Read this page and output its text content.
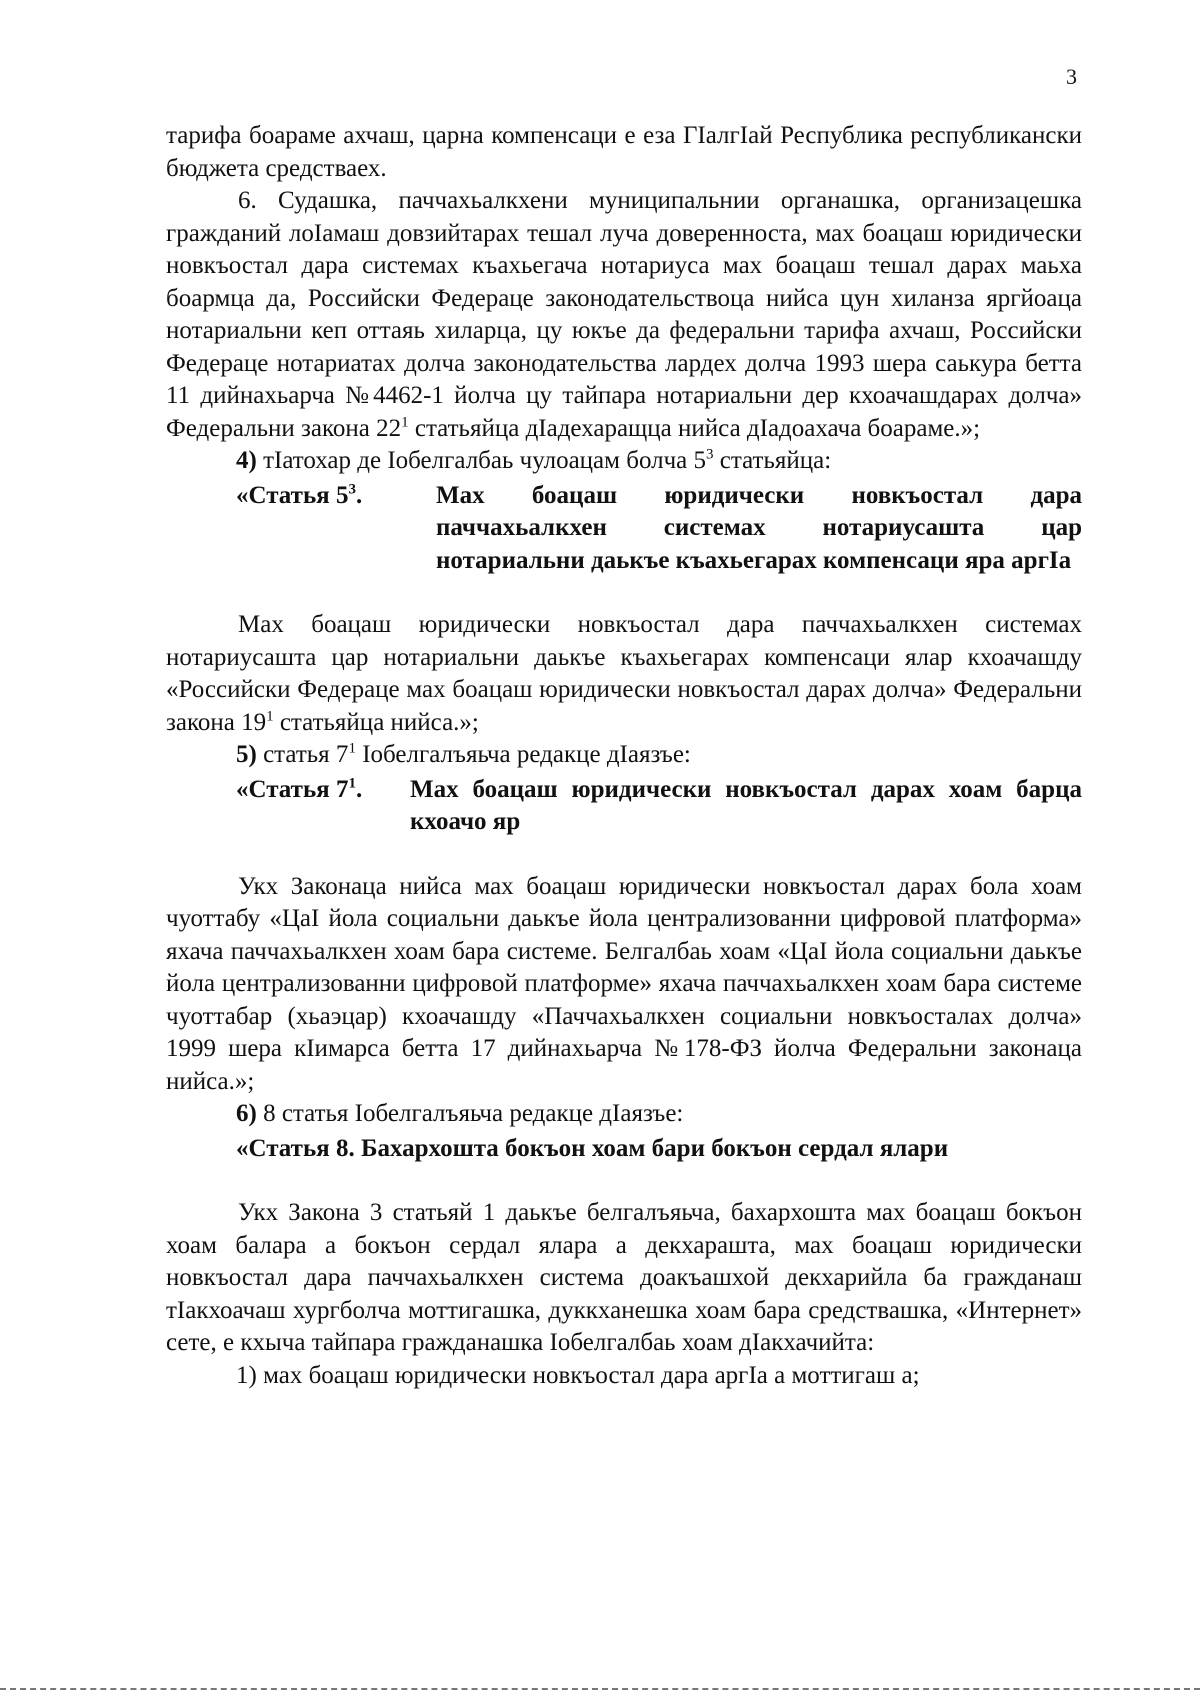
3

тарифа боараме ахчаш, царна компенсаци е еза ГIалгIай Республика республикански бюджета средстваех.

6. Судашка, паччахьалкхени муниципальнии органашка, организацешка гражданий лоIамаш довзийтарах тешал луча доверенноста, мах боацаш юридически новкъостал дара системах къахьегача нотариуса мах боацаш тешал дарах маьха боармца да, Российски Федераце законодательствоца нийса цун хиланза яргйоаца нотариальни кеп оттаяь хиларца, цу юкъе да федеральни тарифа ахчаш, Российски Федераце нотариатах долча законодательства лардех долча 1993 шера саькура бетта 11 дийнахьарча №4462-1 йолча цу тайпара нотариальни дер кхоачашдарах долча» Федеральни закона $22^1$ статьяйца дIадехаращца нийса дIадоахача боараме.»;

4) тIатохар де Iобелгалбаь чулоацам болча $5^3$ статьяйца:

«Статья $5^3$.	Мах боацаш юридически новкъостал дара паччахьалкхен системах нотариусашта цар нотариальни даькъе къахьегарах компенсаци яра аргIа

Мах боацаш юридически новкъостал дара паччахьалкхен системах нотариусашта цар нотариальни даькъе къахьегарах компенсаци ялар кхоачашду «Российски Федераце мах боацаш юридически новкъостал дарах долча» Федеральни закона $19^1$ статьяйца нийса.»;

5) статья $7^1$ Iобелгалъяьча редакце дIаязъе:

«Статья $7^1$.	Мах боацаш юридически новкъостал дарах хоам барца кхоачо яр

Укх Законаца нийса мах боацаш юридически новкъостал дарах бола хоам чуоттабу «ЦаI йола социальни даькъе йола централизованни цифровой платформа» яхача паччахьалкхен хоам бара системе. Белгалбаь хоам «ЦаI йола социальни даькъе йола централизованни цифровой платформе» яхача паччахьалкхен хоам бара системе чуоттабар (хьаэцар) кхоачашду «Паччахьалкхен социальни новкъосталах долча» 1999 шера кIимарса бетта 17 дийнахьарча №178-ФЗ йолча Федеральни законаца нийса.»;

6) 8 статья Iобелгалъяьча редакце дIаязъе:

«Статья 8. Бахархошта бокъон хоам бари бокъон сердал ялари

Укх Закона 3 статьяй 1 даькъе белгалъяьча, бахархошта мах боацаш бокъон хоам балара а бокъон сердал ялара а декхарашта, мах боацаш юридически новкъостал дара паччахьалкхен система доакъашхой декхарийла ба гражданаш тIакхоачаш хургболча моттигашка, дуккханешка хоам бара средствашка, «Интернет» сете, е кхыча тайпара гражданашка Iобелгалбаь хоам дIакхачийта:

1) мах боацаш юридически новкъостал дара аргIа а моттигаш а;
